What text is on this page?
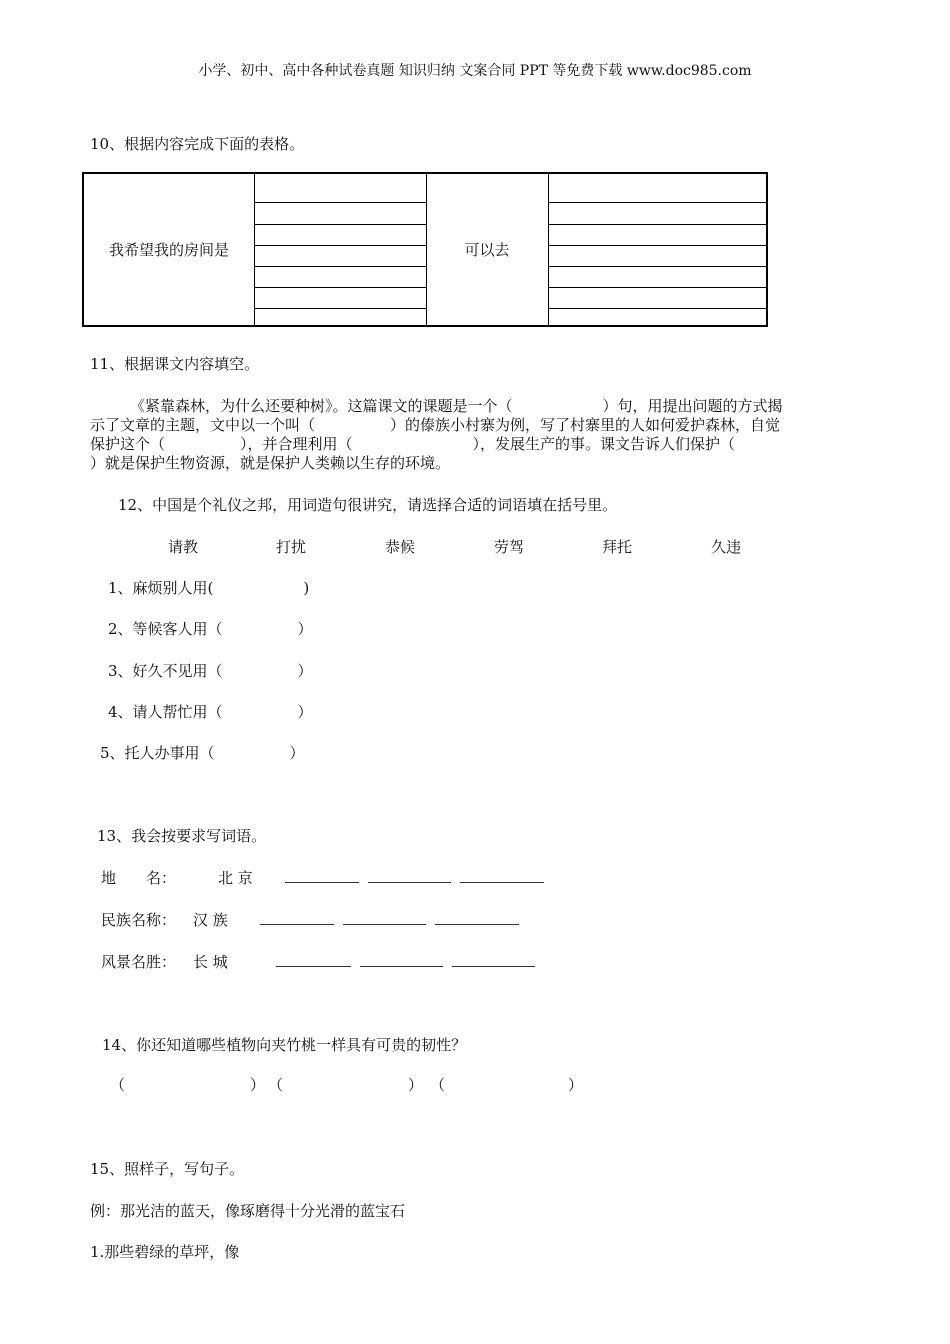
小学、初中、高中各种试卷真题 知识归纳 文案合同 PPT 等免费下载 www.doc985.com
10、根据内容完成下面的表格。
我希望我的房间是	可以去
11、根据课文内容填空。
《紧靠森林，为什么还要种树》。这篇课文的课题是一个（　　　　　　）句，用提出问题的方式揭
示了文章的主题，文中以一个叫（　　　　　）的傣族小村寨为例，写了村寨里的人如何爱护森林，自觉
保护这个（　　　　　），并合理利用（　　　　　　　　），发展生产的事。课文告诉人们保护（
）就是保护生物资源，就是保护人类赖以生存的环境。
12、中国是个礼仪之邦，用词造句很讲究，请选择合适的词语填在括号里。
请教	打扰	恭候	劳驾	拜托	久违
1、麻烦别人用(　　　　　　)
2、等候客人用（　　　　　）
3、好久不见用（　　　　　）
4、请人帮忙用（　　　　　）
5、托人办事用（　　　　　）
13、我会按要求写词语。
地　　名：	北 京
民族名称： 汉 族
风景名胜： 长 城
14、你还知道哪些植物向夹竹桃一样具有可贵的韧性？
（	） （	） （	）
15、照样子，写句子。
例：那光洁的蓝天，像琢磨得十分光滑的蓝宝石
1.那些碧绿的草坪，像
